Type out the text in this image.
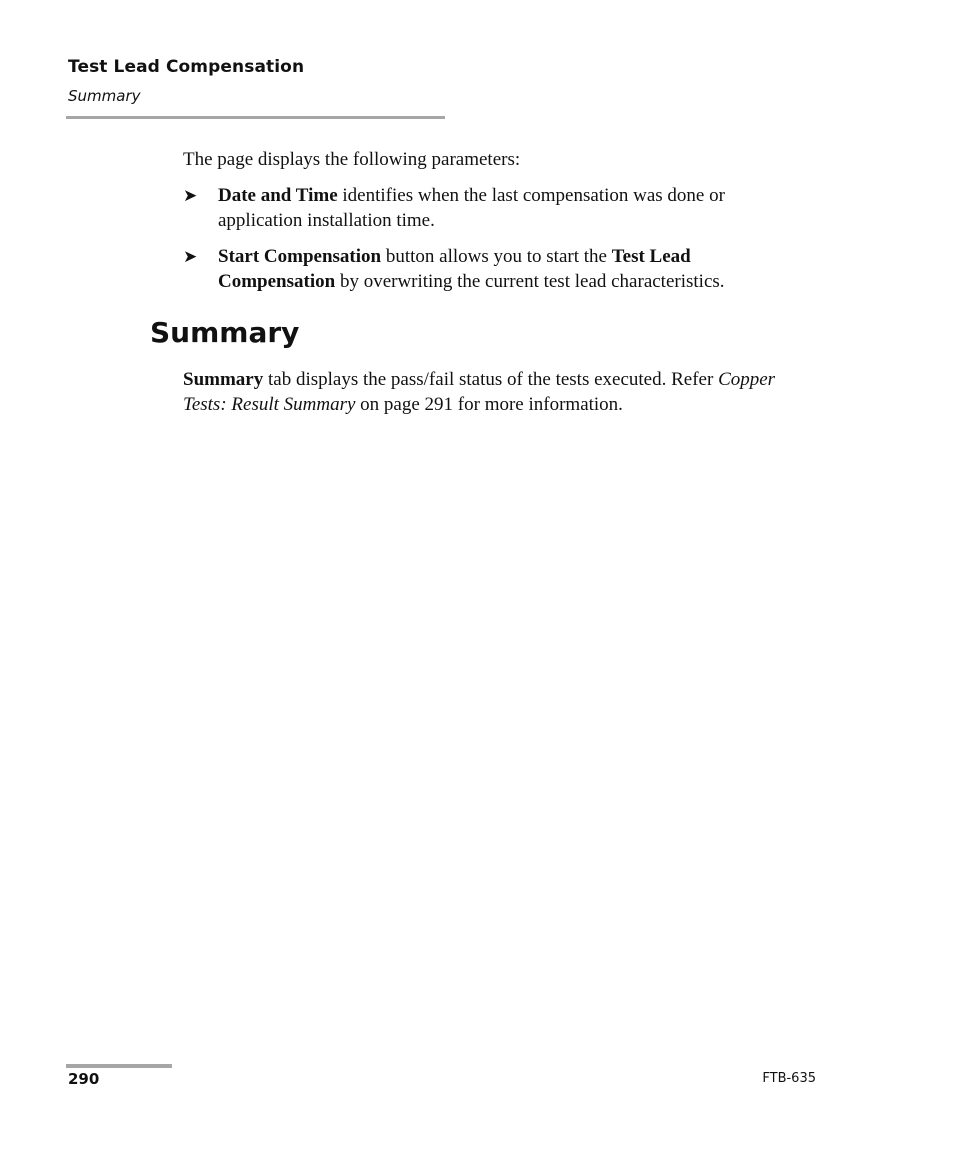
Test Lead Compensation
Summary
The page displays the following parameters:
➤ Date and Time identifies when the last compensation was done or application installation time.
➤ Start Compensation button allows you to start the Test Lead Compensation by overwriting the current test lead characteristics.
Summary
Summary tab displays the pass/fail status of the tests executed. Refer Copper Tests: Result Summary on page 291 for more information.
290	FTB-635
